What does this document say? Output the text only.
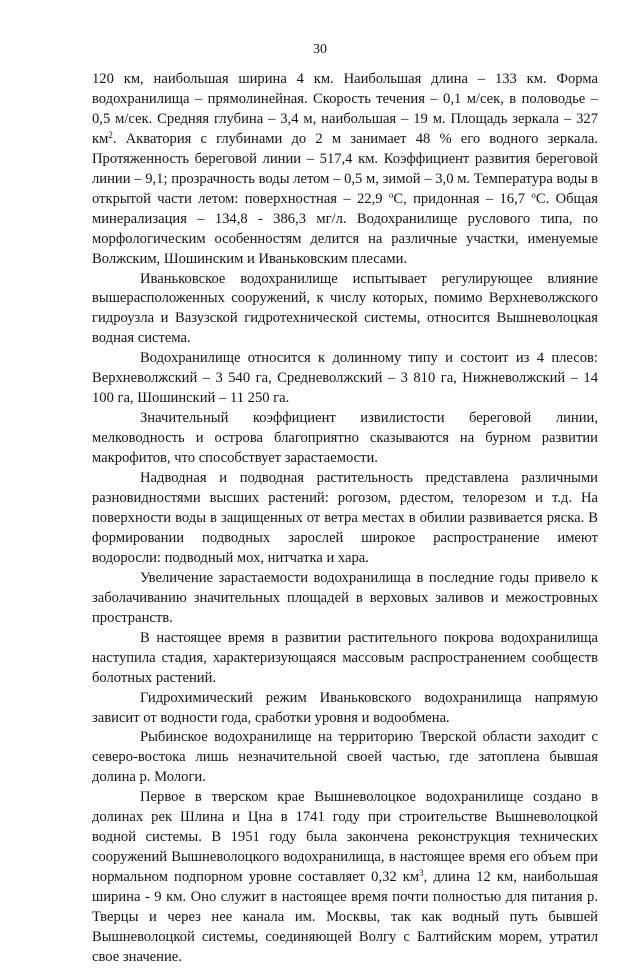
30

120 км, наибольшая ширина 4 км. Наибольшая длина – 133 км. Форма водохранилища – прямолинейная. Скорость течения – 0,1 м/сек, в половодье – 0,5 м/сек. Средняя глубина – 3,4 м, наибольшая – 19 м. Площадь зеркала – 327 $км^2$. Акватория с глубинами до 2 м занимает 48 % его водного зеркала. Протяженность береговой линии – 517,4 км. Коэффициент развития береговой линии – 9,1; прозрачность воды летом – 0,5 м, зимой – 3,0 м. Температура воды в открытой части летом: поверхностная – 22,9 $^о$С, придонная – 16,7 $^о$С. Общая минерализация – 134,8 - 386,3 мг/л. Водохранилище руслового типа, по морфологическим особенностям делится на различные участки, именуемые Волжским, Шошинским и Иваньковским плесами.

Иваньковское водохранилище испытывает регулирующее влияние вышерасположенных сооружений, к числу которых, помимо Верхневолжского гидроузла и Вазузской гидротехнической системы, относится Вышневолоцкая водная система.

Водохранилище относится к долинному типу и состоит из 4 плесов: Верхневолжский – 3 540 га, Средневолжский – 3 810 га, Нижневолжский – 14 100 га, Шошинский – 11 250 га.

Значительный коэффициент извилистости береговой линии, мелководность и острова благоприятно сказываются на бурном развитии макрофитов, что способствует зарастаемости.

Надводная и подводная растительность представлена различными разновидностями высших растений: рогозом, рдестом, телорезом и т.д. На поверхности воды в защищенных от ветра местах в обилии развивается ряска. В формировании подводных зарослей широкое распространение имеют водоросли: подводный мох, нитчатка и хара.

Увеличение зарастаемости водохранилища в последние годы привело к заболачиванию значительных площадей в верховых заливов и межостровных пространств.

В настоящее время в развитии растительного покрова водохранилища наступила стадия, характеризующаяся массовым распространением сообществ болотных растений.

Гидрохимический режим Иваньковского водохранилища напрямую зависит от водности года, сработки уровня и водообмена.

Рыбинское водохранилище на территорию Тверской области заходит с северо-востока лишь незначительной своей частью, где затоплена бывшая долина р. Мологи.

Первое в тверском крае Вышневолоцкое водохранилище создано в долинах рек Шлина и Цна в 1741 году при строительстве Вышневолоцкой водной системы. В 1951 году была закончена реконструкция технических сооружений Вышневолоцкого водохранилища, в настоящее время его объем при нормальном подпорном уровне составляет 0,32 $км^3$, длина 12 км, наибольшая ширина - 9 км. Оно служит в настоящее время почти полностью для питания р. Тверцы и через нее канала им. Москвы, так как водный путь бывшей Вышневолоцкой системы, соединяющей Волгу с Балтийским морем, утратил свое значение.
